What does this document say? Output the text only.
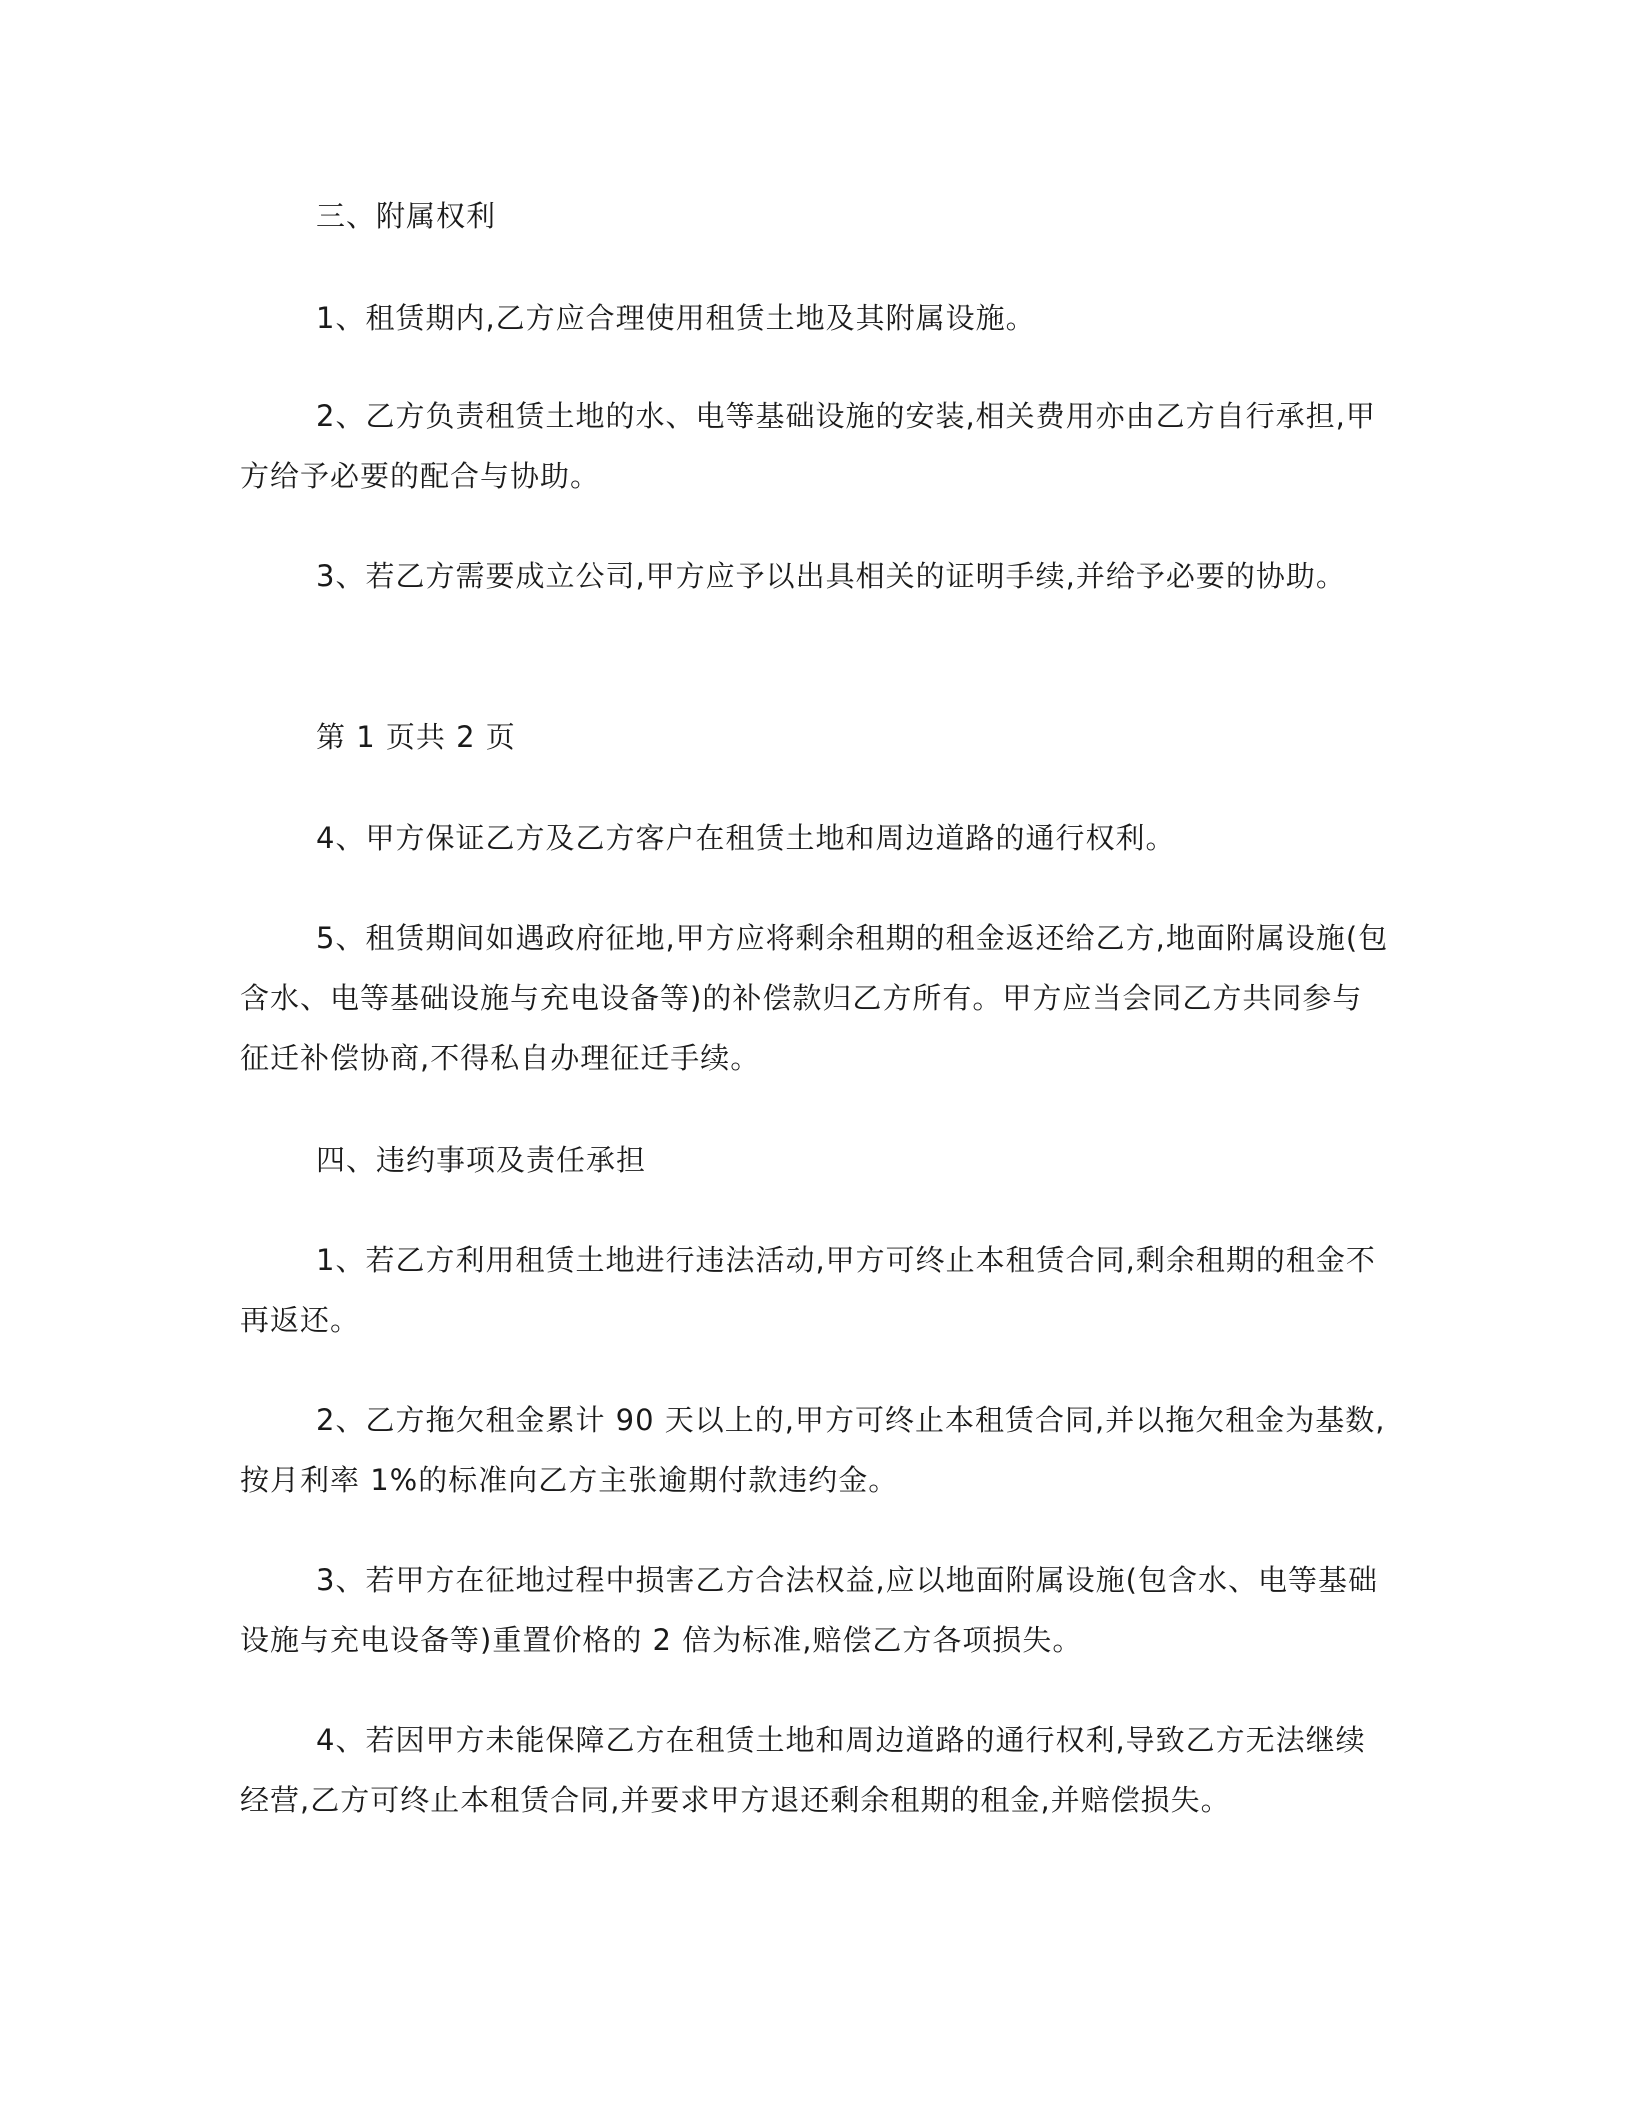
三、附属权利

1、租赁期内,乙方应合理使用租赁土地及其附属设施。

2、乙方负责租赁土地的水、电等基础设施的安装,相关费用亦由乙方自行承担,甲方给予必要的配合与协助。

3、若乙方需要成立公司,甲方应予以出具相关的证明手续,并给予必要的协助。

第 1 页共 2 页

4、甲方保证乙方及乙方客户在租赁土地和周边道路的通行权利。

5、租赁期间如遇政府征地,甲方应将剩余租期的租金返还给乙方,地面附属设施(包含水、电等基础设施与充电设备等)的补偿款归乙方所有。甲方应当会同乙方共同参与征迁补偿协商,不得私自办理征迁手续。

四、违约事项及责任承担

1、若乙方利用租赁土地进行违法活动,甲方可终止本租赁合同,剩余租期的租金不再返还。

2、乙方拖欠租金累计 90 天以上的,甲方可终止本租赁合同,并以拖欠租金为基数,按月利率 1%的标准向乙方主张逾期付款违约金。

3、若甲方在征地过程中损害乙方合法权益,应以地面附属设施(包含水、电等基础设施与充电设备等)重置价格的 2 倍为标准,赔偿乙方各项损失。

4、若因甲方未能保障乙方在租赁土地和周边道路的通行权利,导致乙方无法继续经营,乙方可终止本租赁合同,并要求甲方退还剩余租期的租金,并赔偿损失。
